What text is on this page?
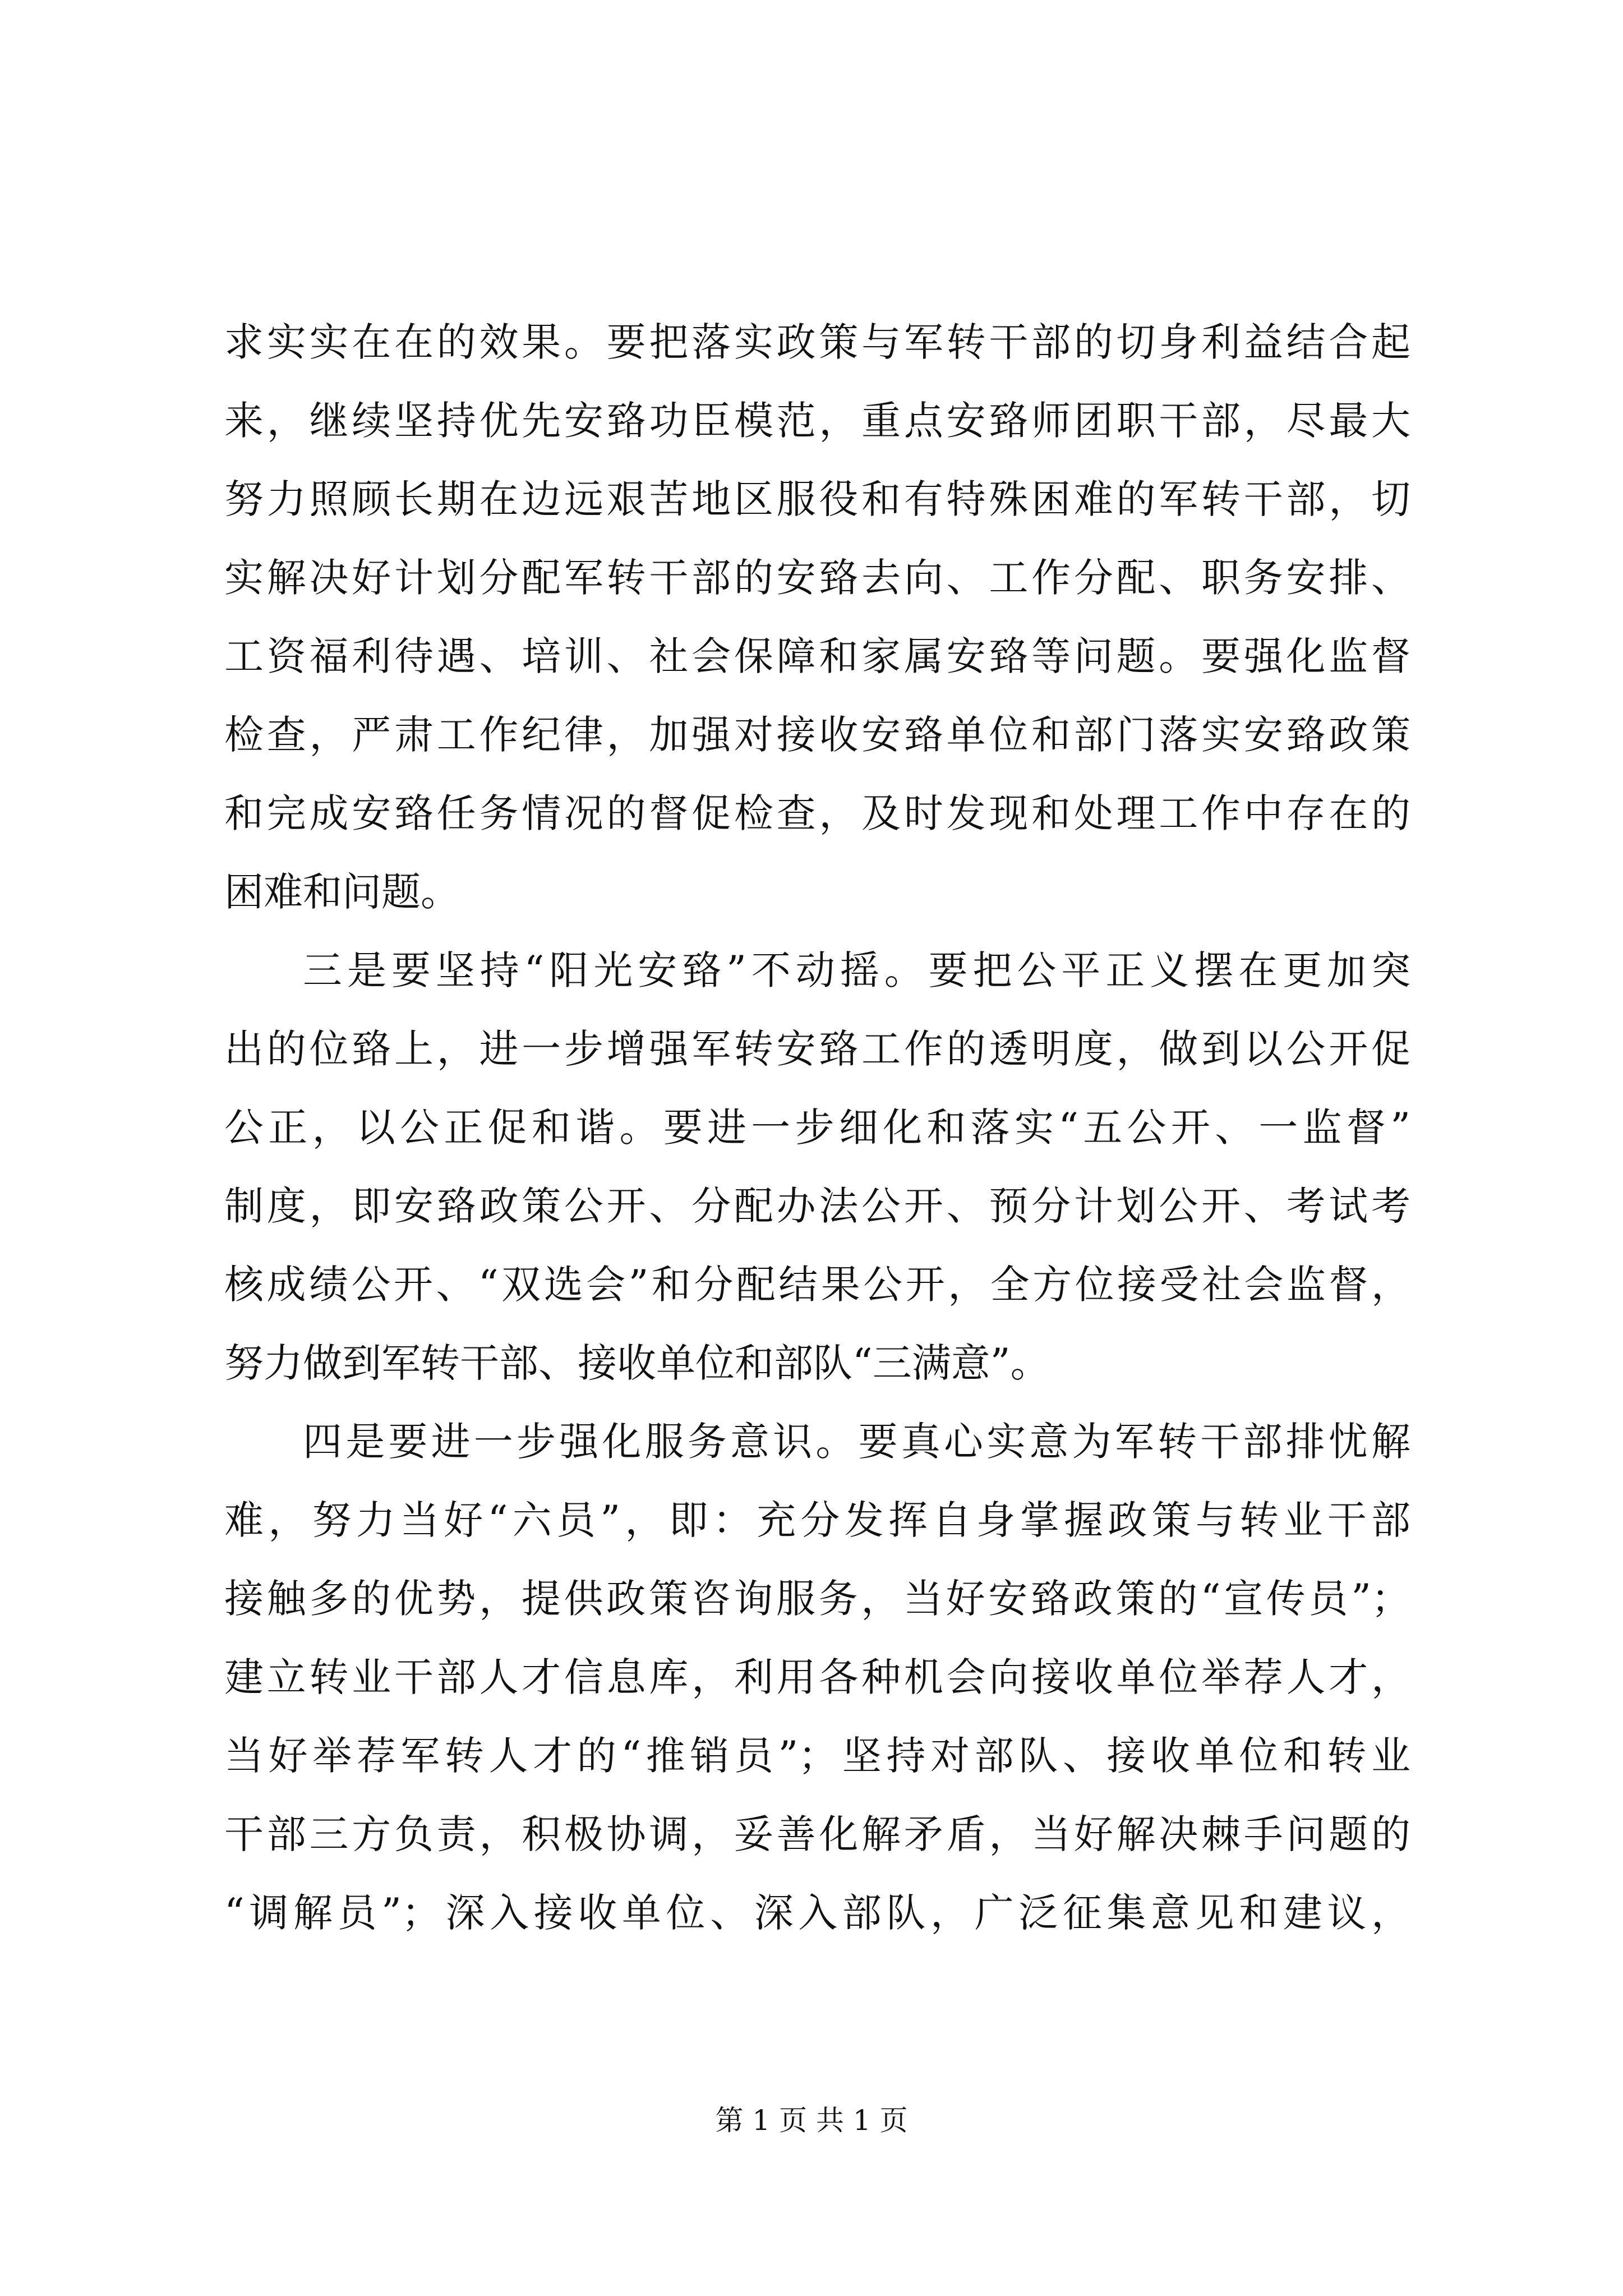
求实实在在的效果。要把落实政策与军转干部的切身利益结合起
来，继续坚持优先安臵功臣模范，重点安臵师团职干部，尽最大
努力照顾长期在边远艰苦地区服役和有特殊困难的军转干部，切
实解决好计划分配军转干部的安臵去向、工作分配、职务安排、
工资福利待遇、培训、社会保障和家属安臵等问题。要强化监督
检查，严肃工作纪律，加强对接收安臵单位和部门落实安臵政策
和完成安臵任务情况的督促检查，及时发现和处理工作中存在的
困难和问题。
三是要坚持“阳光安臵”不动摇。要把公平正义摆在更加突
出的位臵上，进一步增强军转安臵工作的透明度，做到以公开促
公正，以公正促和谐。要进一步细化和落实“五公开、一监督”
制度，即安臵政策公开、分配办法公开、预分计划公开、考试考
核成绩公开、“双选会”和分配结果公开，全方位接受社会监督，
努力做到军转干部、接收单位和部队“三满意”。
四是要进一步强化服务意识。要真心实意为军转干部排忧解
难，努力当好“六员”，即：充分发挥自身掌握政策与转业干部
接触多的优势，提供政策咨询服务，当好安臵政策的“宣传员”；
建立转业干部人才信息库，利用各种机会向接收单位举荐人才，
当好举荐军转人才的“推销员”；坚持对部队、接收单位和转业
干部三方负责，积极协调，妥善化解矛盾，当好解决棘手问题的
“调解员”；深入接收单位、深入部队，广泛征集意见和建议，
第 1 页 共 1 页
